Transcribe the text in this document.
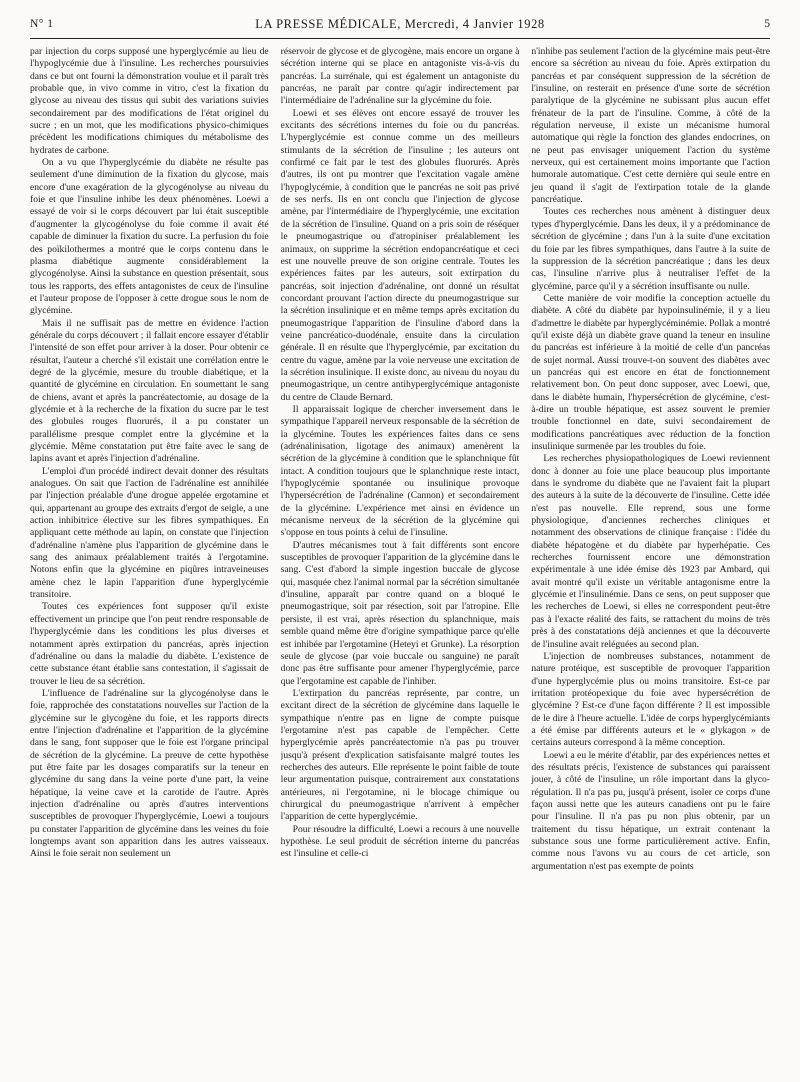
N° 1	LA PRESSE MÉDICALE, Mercredi, 4 Janvier 1928	5

par injection du corps supposé une hyperglycémie au lieu de l'hypoglycémie due à l'insuline. Les recherches poursuivies dans ce but ont fourni la démonstration voulue et il paraît très probable que, in vivo comme in vitro, c'est la fixation du glycose au niveau des tissus qui subit des variations suivies secondairement par des modifications de l'état originel du sucre ; en un mot, que les modifications physico-chimiques précèdent les modifications chimiques du métabolisme des hydrates de carbone.

On a vu que l'hyperglycémie du diabète ne résulte pas seulement d'une diminution de la fixation du glycose, mais encore d'une exagération de la glycogénolyse au niveau du foie et que l'insuline inhibe les deux phénomènes. Loewi a essayé de voir si le corps découvert par lui était susceptible d'augmenter la glycogénolyse du foie comme il avait été capable de diminuer la fixation du sucre. La perfusion du foie des poïkilothermes a montré que le corps contenu dans le plasma diabétique augmente considérablement la glycogénolyse. Ainsi la substance en question présentait, sous tous les rapports, des effets antagonistes de ceux de l'insuline et l'auteur propose de l'opposer à cette drogue sous le nom de glycémine.

Mais il ne suffisait pas de mettre en évidence l'action générale du corps découvert ; il fallait encore essayer d'établir l'intensité de son effet pour arriver à la doser. Pour obtenir ce résultat, l'auteur a cherché s'il existait une corrélation entre le degré de la glycémie, mesure du trouble diabétique, et la quantité de glycémine en circulation. En soumettant le sang de chiens, avant et après la pancréatectomie, au dosage de la glycémie et à la recherche de la fixation du sucre par le test des globules rouges fluorurés, il a pu constater un parallélisme presque complet entre la glycémine et la glycémie. Même constatation put être faite avec le sang de lapins avant et après l'injection d'adrénaline.

L'emploi d'un procédé indirect devait donner des résultats analogues. On sait que l'action de l'adrénaline est annihilée par l'injection préalable d'une drogue appelée ergotamine et qui, appartenant au groupe des extraits d'ergot de seigle, a une action inhibitrice élective sur les fibres sympathiques. En appliquant cette méthode au lapin, on constate que l'injection d'adrénaline n'amène plus l'apparition de glycémine dans le sang des animaux préalablement traités à l'ergotamine. Notons enfin que la glycémine en piqûres intraveineuses amène chez le lapin l'apparition d'une hyperglycémie transitoire.

Toutes ces expériences font supposer qu'il existe effectivement un principe que l'on peut rendre responsable de l'hyperglycémie dans les conditions les plus diverses et notamment après extirpation du pancréas, après injection d'adrénaline ou dans la maladie du diabète. L'existence de cette substance étant établie sans contestation, il s'agissait de trouver le lieu de sa sécrétion.

L'influence de l'adrénaline sur la glycogénolyse dans le foie, rapprochée des constatations nouvelles sur l'action de la glycémine sur le glycogène du foie, et les rapports directs entre l'injection d'adrénaline et l'apparition de la glycémine dans le sang, font supposer que le foie est l'organe principal de sécrétion de la glycémine. La preuve de cette hypothèse put être faite par les dosages comparatifs sur la teneur en glycémine du sang dans la veine porte d'une part, la veine hépatique, la veine cave et la carotide de l'autre. Après injection d'adrénaline ou après d'autres interventions susceptibles de provoquer l'hyperglycémie, Loewi a toujours pu constater l'apparition de glycémine dans les veines du foie longtemps avant son apparition dans les autres vaisseaux. Ainsi le foie serait non seulement un

réservoir de glycose et de glycogène, mais encore un organe à sécrétion interne qui se place en antagoniste vis-à-vis du pancréas. La surrénale, qui est également un antagoniste du pancréas, ne paraît par contre qu'agir indirectement par l'intermédiaire de l'adrénaline sur la glycémine du foie.

Loewi et ses élèves ont encore essayé de trouver les excitants des sécrétions internes du foie ou du pancréas. L'hyperglycémie est connue comme un des meilleurs stimulants de la sécrétion de l'insuline ; les auteurs ont confirmé ce fait par le test des globules fluorurés. Après d'autres, ils ont pu montrer que l'excitation vagale amène l'hypoglycémie, à condition que le pancréas ne soit pas privé de ses nerfs. Ils en ont conclu que l'injection de glycose amène, par l'intermédiaire de l'hyperglycémie, une excitation de la sécrétion de l'insuline. Quand on a pris soin de réséquer le pneumogastrique ou d'atropiniser préalablement les animaux, on supprime la sécrétion endopancréatique et ceci est une nouvelle preuve de son origine centrale. Toutes les expériences faites par les auteurs, soit extirpation du pancréas, soit injection d'adrénaline, ont donné un résultat concordant prouvant l'action directe du pneumogastrique sur la sécrétion insulinique et en même temps après excitation du pneumogastrique l'apparition de l'insuline d'abord dans la veine pancréatico-duodénale, ensuite dans la circulation générale. Il en résulte que l'hyperglycémie, par excitation du centre du vague, amène par la voie nerveuse une excitation de la sécrétion insulinique. Il existe donc, au niveau du noyau du pneumogastrique, un centre antihyperglycémique antagoniste du centre de Claude Bernard.

Il apparaissait logique de chercher inversement dans le sympathique l'appareil nerveux responsable de la sécrétion de la glycémine. Toutes les expériences faites dans ce sens (adrénalinisation, ligotage des animaux) amenèrent la sécrétion de la glycémine à condition que le splanchnique fût intact. A condition toujours que le splanchnique reste intact, l'hypoglycémie spontanée ou insulinique provoque l'hypersécrétion de l'adrénaline (Cannon) et secondairement de la glycémine. L'expérience met ainsi en évidence un mécanisme nerveux de la sécrétion de la glycémine qui s'oppose en tous points à celui de l'insuline.

D'autres mécanismes tout à fait différents sont encore susceptibles de provoquer l'apparition de la glycémine dans le sang. C'est d'abord la simple ingestion buccale de glycose qui, masquée chez l'animal normal par la sécrétion simultanée d'insuline, apparaît par contre quand on a bloqué le pneumogastrique, soit par résection, soit par l'atropine. Elle persiste, il est vrai, après résection du splanchnique, mais semble quand même être d'origine sympathique parce qu'elle est inhibée par l'ergotamine (Heteyi et Grunke). La résorption seule de glycose (par voie buccale ou sanguine) ne paraît donc pas être suffisante pour amener l'hyperglycémie, parce que l'ergotamine est capable de l'inhiber.

L'extirpation du pancréas représente, par contre, un excitant direct de la sécrétion de glycémine dans laquelle le sympathique n'entre pas en ligne de compte puisque l'ergotamine n'est pas capable de l'empêcher. Cette hyperglycémie après pancréatectomie n'a pas pu trouver jusqu'à présent d'explication satisfaisante malgré toutes les recherches des auteurs. Elle représente le point faible de toute leur argumentation puisque, contrairement aux constatations antérieures, ni l'ergotamine, ni le blocage chimique ou chirurgical du pneumogastrique n'arrivent à empêcher l'apparition de cette hyperglycémie.

Pour résoudre la difficulté, Loewi a recours à une nouvelle hypothèse. Le seul produit de sécrétion interne du pancréas est l'insuline et celle-ci

n'inhibe pas seulement l'action de la glycémine mais peut-être encore sa sécrétion au niveau du foie. Après extirpation du pancréas et par conséquent suppression de la sécrétion de l'insuline, on resterait en présence d'une sorte de sécrétion paralytique de la glycémine ne subissant plus aucun effet frénateur de la part de l'insuline. Comme, à côté de la régulation nerveuse, il existe un mécanisme humoral automatique qui règle la fonction des glandes endocrines, on ne peut pas envisager uniquement l'action du système nerveux, qui est certainement moins importante que l'action humorale automatique. C'est cette dernière qui seule entre en jeu quand il s'agit de l'extirpation totale de la glande pancréatique.

Toutes ces recherches nous amènent à distinguer deux types d'hyperglycémie. Dans les deux, il y a prédominance de sécrétion de glycémine ; dans l'un à la suite d'une excitation du foie par les fibres sympathiques, dans l'autre à la suite de la suppression de la sécrétion pancréatique ; dans les deux cas, l'insuline n'arrive plus à neutraliser l'effet de la glycémine, parce qu'il y a sécrétion insuffisante ou nulle.

Cette manière de voir modifie la conception actuelle du diabète. A côté du diabète par hypoinsulinémie, il y a lieu d'admettre le diabète par hyperglycéminémie. Pollak a montré qu'il existe déjà un diabète grave quand la teneur en insuline du pancréas est inférieure à la moitié de celle d'un pancréas de sujet normal. Aussi trouve-t-on souvent des diabètes avec un pancréas qui est encore en état de fonctionnement relativement bon. On peut donc supposer, avec Loewi, que, dans le diabète humain, l'hypersécrétion de glycémine, c'est-à-dire un trouble hépatique, est assez souvent le premier trouble fonctionnel en date, suivi secondairement de modifications pancréatiques avec réduction de la fonction insulinique surmenée par les troubles du foie.

Les recherches physiopathologiques de Loewi reviennent donc à donner au foie une place beaucoup plus importante dans le syndrome du diabète que ne l'avaient fait la plupart des auteurs à la suite de la découverte de l'insuline. Cette idée n'est pas nouvelle. Elle reprend, sous une forme physiologique, d'anciennes recherches cliniques et notamment des observations de clinique française : l'idée du diabète hépatogène et du diabète par hyperhépatie. Ces recherches fournissent encore une démonstration expérimentale à une idée émise dès 1923 par Ambard, qui avait montré qu'il existe un véritable antagonisme entre la glycémie et l'insulinémie. Dans ce sens, on peut supposer que les recherches de Loewi, si elles ne correspondent peut-être pas à l'exacte réalité des faits, se rattachent du moins de très près à des constatations déjà anciennes et que la découverte de l'insuline avait reléguées au second plan.

L'injection de nombreuses substances, notamment de nature protéique, est susceptible de provoquer l'apparition d'une hyperglycémie plus ou moins transitoire. Est-ce par irritation protéopexique du foie avec hypersécrétion de glycémine ? Est-ce d'une façon différente ? Il est impossible de le dire à l'heure actuelle. L'idée de corps hyperglycémiants a été émise par différents auteurs et le « glykagon » de certains auteurs correspond à la même conception.

Loewi a eu le mérite d'établir, par des expériences nettes et des résultats précis, l'existence de substances qui paraissent jouer, à côté de l'insuline, un rôle important dans la glyco-régulation. Il n'a pas pu, jusqu'à présent, isoler ce corps d'une façon aussi nette que les auteurs canadiens ont pu le faire pour l'insuline. Il n'a pas pu non plus obtenir, par un traitement du tissu hépatique, un extrait contenant la substance sous une forme particulièrement active. Enfin, comme nous l'avons vu au cours de cet article, son argumentation n'est pas exempte de points
